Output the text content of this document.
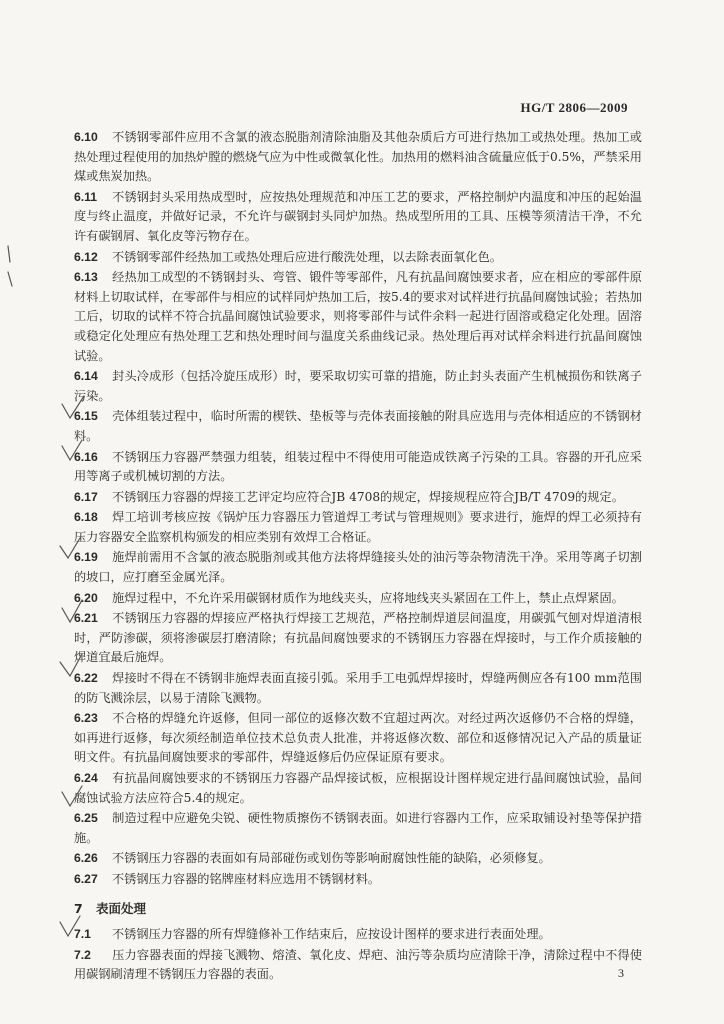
HG/T 2806—2009

6.10 不锈钢零部件应用不含氯的液态脱脂剂清除油脂及其他杂质后方可进行热加工或热处理。热加工或热处理过程使用的加热炉膛的燃烧气应为中性或微氧化性。加热用的燃料油含硫量应低于0.5%，严禁采用煤或焦炭加热。

6.11 不锈钢封头采用热成型时，应按热处理规范和冲压工艺的要求，严格控制炉内温度和冲压的起始温度与终止温度，并做好记录，不允许与碳钢封头同炉加热。热成型所用的工具、压模等须清洁干净，不允许有碳钢屑、氧化皮等污物存在。

6.12 不锈钢零部件经热加工或热处理后应进行酸洗处理，以去除表面氧化色。

6.13 经热加工成型的不锈钢封头、弯管、锻件等零部件，凡有抗晶间腐蚀要求者，应在相应的零部件原材料上切取试样，在零部件与相应的试样同炉热加工后，按5.4的要求对试样进行抗晶间腐蚀试验；若热加工后，切取的试样不符合抗晶间腐蚀试验要求，则将零部件与试件余料一起进行固溶或稳定化处理。固溶或稳定化处理应有热处理工艺和热处理时间与温度关系曲线记录。热处理后再对试样余料进行抗晶间腐蚀试验。

6.14 封头冷成形（包括冷旋压成形）时，要采取切实可靠的措施，防止封头表面产生机械损伤和铁离子污染。

6.15 壳体组装过程中，临时所需的楔铁、垫板等与壳体表面接触的附具应选用与壳体相适应的不锈钢材料。

6.16 不锈钢压力容器严禁强力组装，组装过程中不得使用可能造成铁离子污染的工具。容器的开孔应采用等离子或机械切割的方法。

6.17 不锈钢压力容器的焊接工艺评定均应符合JB 4708的规定，焊接规程应符合JB/T 4709的规定。

6.18 焊工培训考核应按《锅炉压力容器压力管道焊工考试与管理规则》要求进行，施焊的焊工必须持有压力容器安全监察机构颁发的相应类别有效焊工合格证。

6.19 施焊前需用不含氯的液态脱脂剂或其他方法将焊缝接头处的油污等杂物清洗干净。采用等离子切割的坡口，应打磨至金属光泽。

6.20 施焊过程中，不允许采用碳钢材质作为地线夹头，应将地线夹头紧固在工件上，禁止点焊紧固。

6.21 不锈钢压力容器的焊接应严格执行焊接工艺规范，严格控制焊道层间温度，用碳弧气刨对焊道清根时，严防渗碳，须将渗碳层打磨清除；有抗晶间腐蚀要求的不锈钢压力容器在焊接时，与工作介质接触的焊道宜最后施焊。

6.22 焊接时不得在不锈钢非施焊表面直接引弧。采用手工电弧焊焊接时，焊缝两侧应各有100 mm范围的防飞溅涂层，以易于清除飞溅物。

6.23 不合格的焊缝允许返修，但同一部位的返修次数不宜超过两次。对经过两次返修仍不合格的焊缝，如再进行返修，每次须经制造单位技术总负责人批准，并将返修次数、部位和返修情况记入产品的质量证明文件。有抗晶间腐蚀要求的零部件，焊缝返修后仍应保证原有要求。

6.24 有抗晶间腐蚀要求的不锈钢压力容器产品焊接试板，应根据设计图样规定进行晶间腐蚀试验，晶间腐蚀试验方法应符合5.4的规定。

6.25 制造过程中应避免尖锐、硬性物质擦伤不锈钢表面。如进行容器内工作，应采取铺设衬垫等保护措施。

6.26 不锈钢压力容器的表面如有局部碰伤或划伤等影响耐腐蚀性能的缺陷，必须修复。

6.27 不锈钢压力容器的铭牌座材料应选用不锈钢材料。

7 表面处理

7.1 不锈钢压力容器的所有焊缝修补工作结束后，应按设计图样的要求进行表面处理。

7.2 压力容器表面的焊接飞溅物、熔渣、氧化皮、焊疤、油污等杂质均应清除干净，清除过程中不得使用碳钢刷清理不锈钢压力容器的表面。	3
